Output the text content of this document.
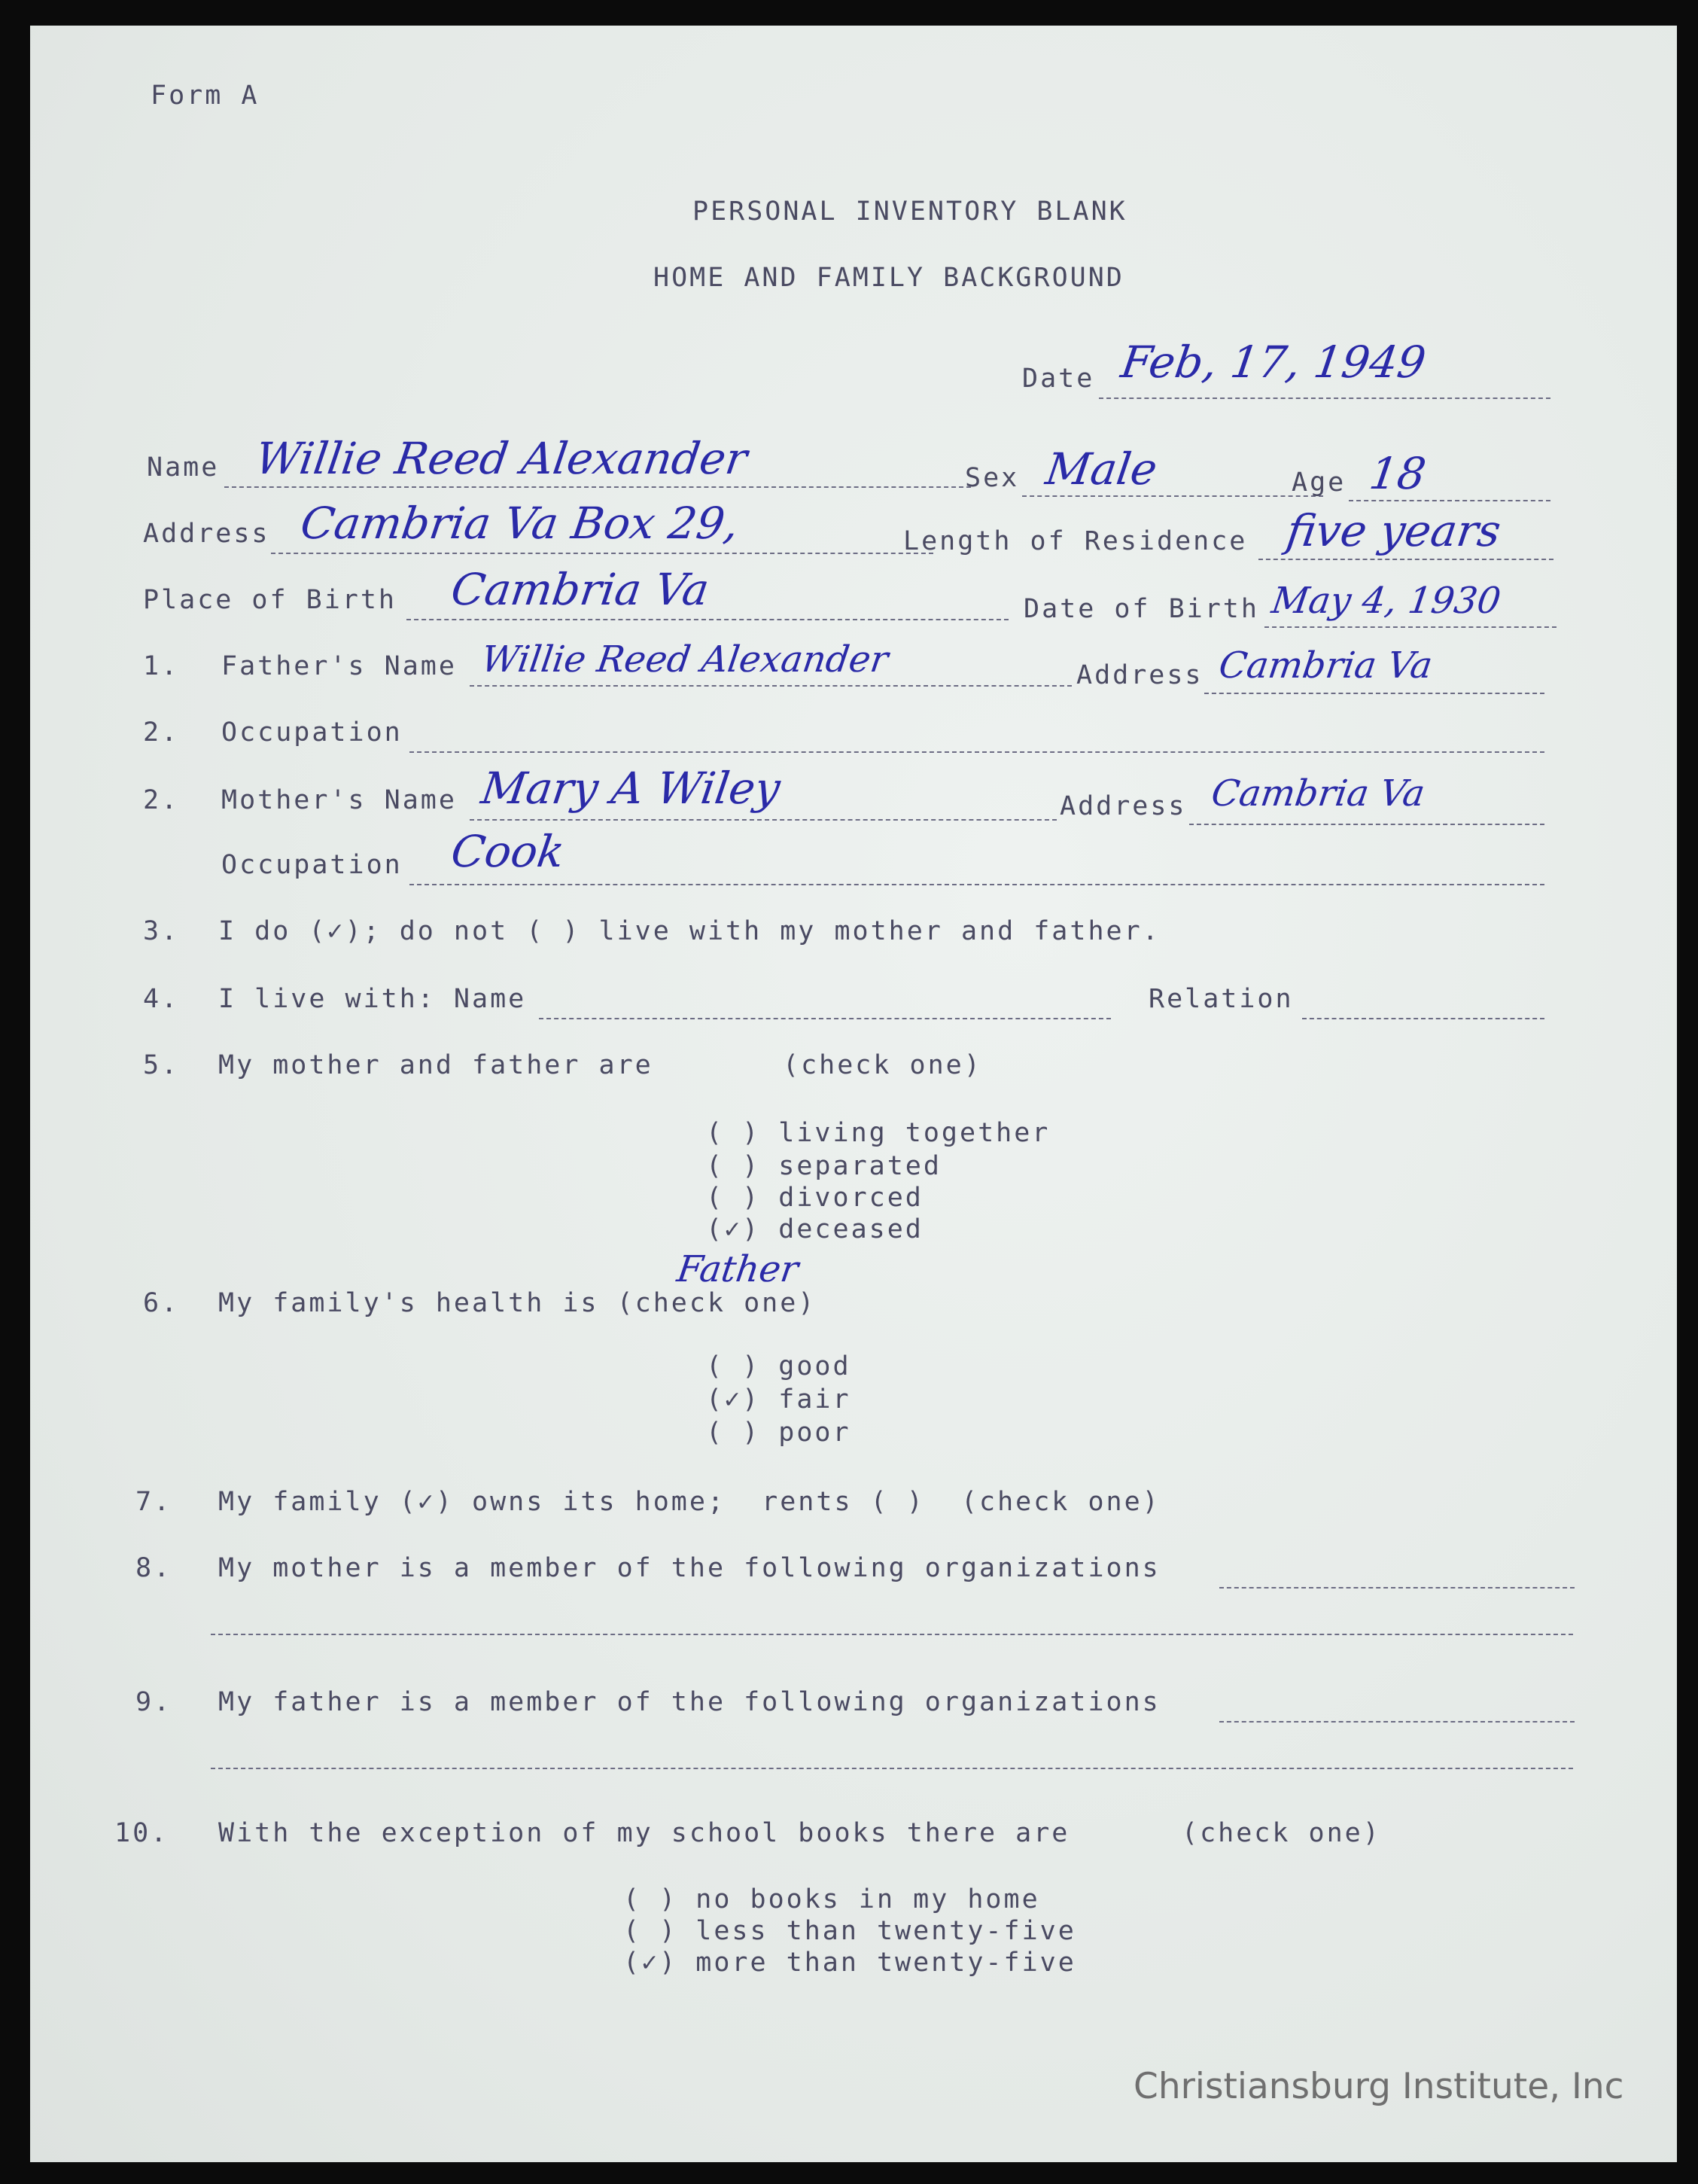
Form A
PERSONAL INVENTORY BLANK
HOME AND FAMILY BACKGROUND
Date Feb, 17, 1949
Name Willie Reed Alexander	Sex Male	Age 18
Address Cambria Va Box 29,	Length of Residence five years
Place of Birth Cambria Va	Date of Birth May 4, 1930
1. Father's Name Willie Reed Alexander	Address Cambria Va
2. Occupation
2. Mother's Name Mary A Wiley	Address Cambria Va
Occupation Cook
3. I do (✓); do not ( ) live with my mother and father.
4. I live with: Name	Relation
5. My mother and father are	(check one)
( ) living together
( ) separated
( ) divorced
(✓) deceased
Father
6. My family's health is (check one)
( ) good
(✓) fair
( ) poor
7. My family (✓) owns its home;  rents ( )  (check one)
8. My mother is a member of the following organizations
9. My father is a member of the following organizations
10. With the exception of my school books there are	(check one)
( ) no books in my home
( ) less than twenty-five
(✓) more than twenty-five
Christiansburg Institute, Inc
